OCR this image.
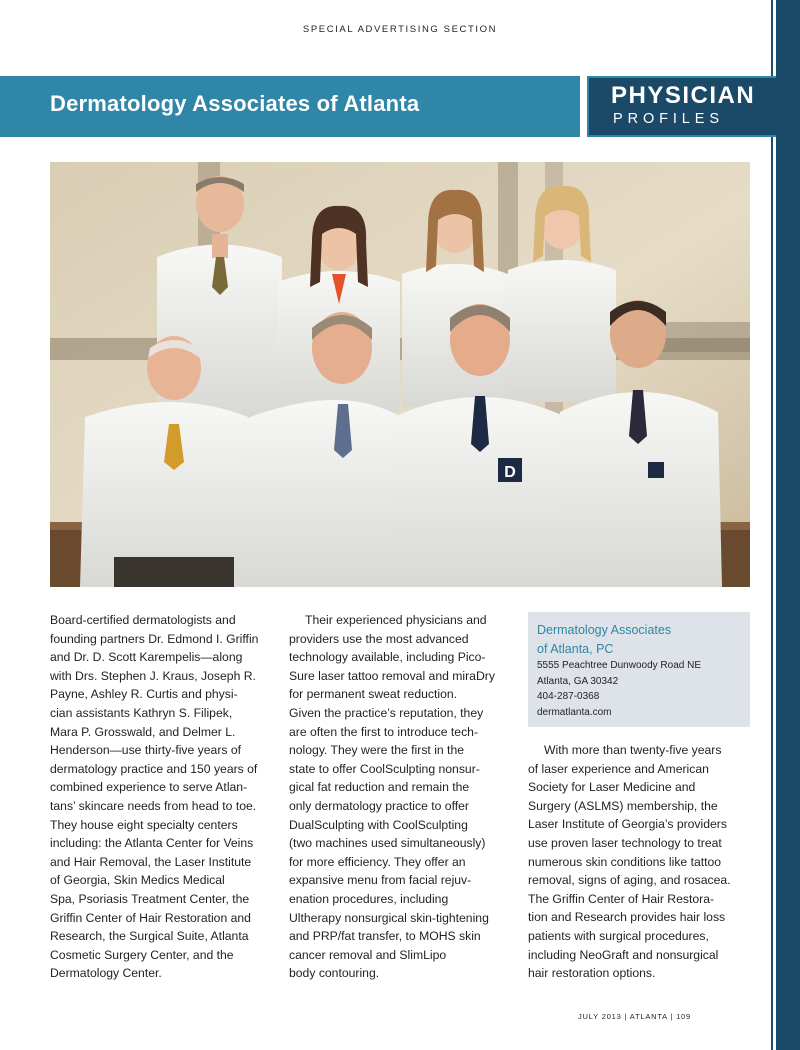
SPECIAL ADVERTISING SECTION
Dermatology Associates of Atlanta	PHYSICIAN
PROFILES
D
Board-certified dermatologists and
founding partners Dr. Edmond I. Griffin
and Dr. D. Scott Karempelis—along
with Drs. Stephen J. Kraus, Joseph R.
Payne, Ashley R. Curtis and physi-
cian assistants Kathryn S. Filipek,
Mara P. Grosswald, and Delmer L.
Henderson—use thirty-five years of
dermatology practice and 150 years of
combined experience to serve Atlan-
tans’ skincare needs from head to toe.
They house eight specialty centers
including: the Atlanta Center for Veins
and Hair Removal, the Laser Institute
of Georgia, Skin Medics Medical
Spa, Psoriasis Treatment Center, the
Griffin Center of Hair Restoration and
Research, the Surgical Suite, Atlanta
Cosmetic Surgery Center, and the
Dermatology Center.
Their experienced physicians and
providers use the most advanced
technology available, including Pico-
Sure laser tattoo removal and miraDry
for permanent sweat reduction.
Given the practice’s reputation, they
are often the first to introduce tech-
nology. They were the first in the
state to offer CoolSculpting nonsur-
gical fat reduction and remain the
only dermatology practice to offer
DualSculpting with CoolSculpting
(two machines used simultaneously)
for more efficiency. They offer an
expansive menu from facial rejuv-
enation procedures, including
Ultherapy nonsurgical skin-tightening
and PRP/fat transfer, to MOHS skin
cancer removal and SlimLipo
body contouring.
Dermatology Associates
of Atlanta, PC
5555 Peachtree Dunwoody Road NE
Atlanta, GA 30342
404-287-0368
dermatlanta.com
With more than twenty-five years
of laser experience and American
Society for Laser Medicine and
Surgery (ASLMS) membership, the
Laser Institute of Georgia’s providers
use proven laser technology to treat
numerous skin conditions like tattoo
removal, signs of aging, and rosacea.
The Griffin Center of Hair Restora-
tion and Research provides hair loss
patients with surgical procedures,
including NeoGraft and nonsurgical
hair restoration options.
JULY 2013 | ATLANTA | 109
